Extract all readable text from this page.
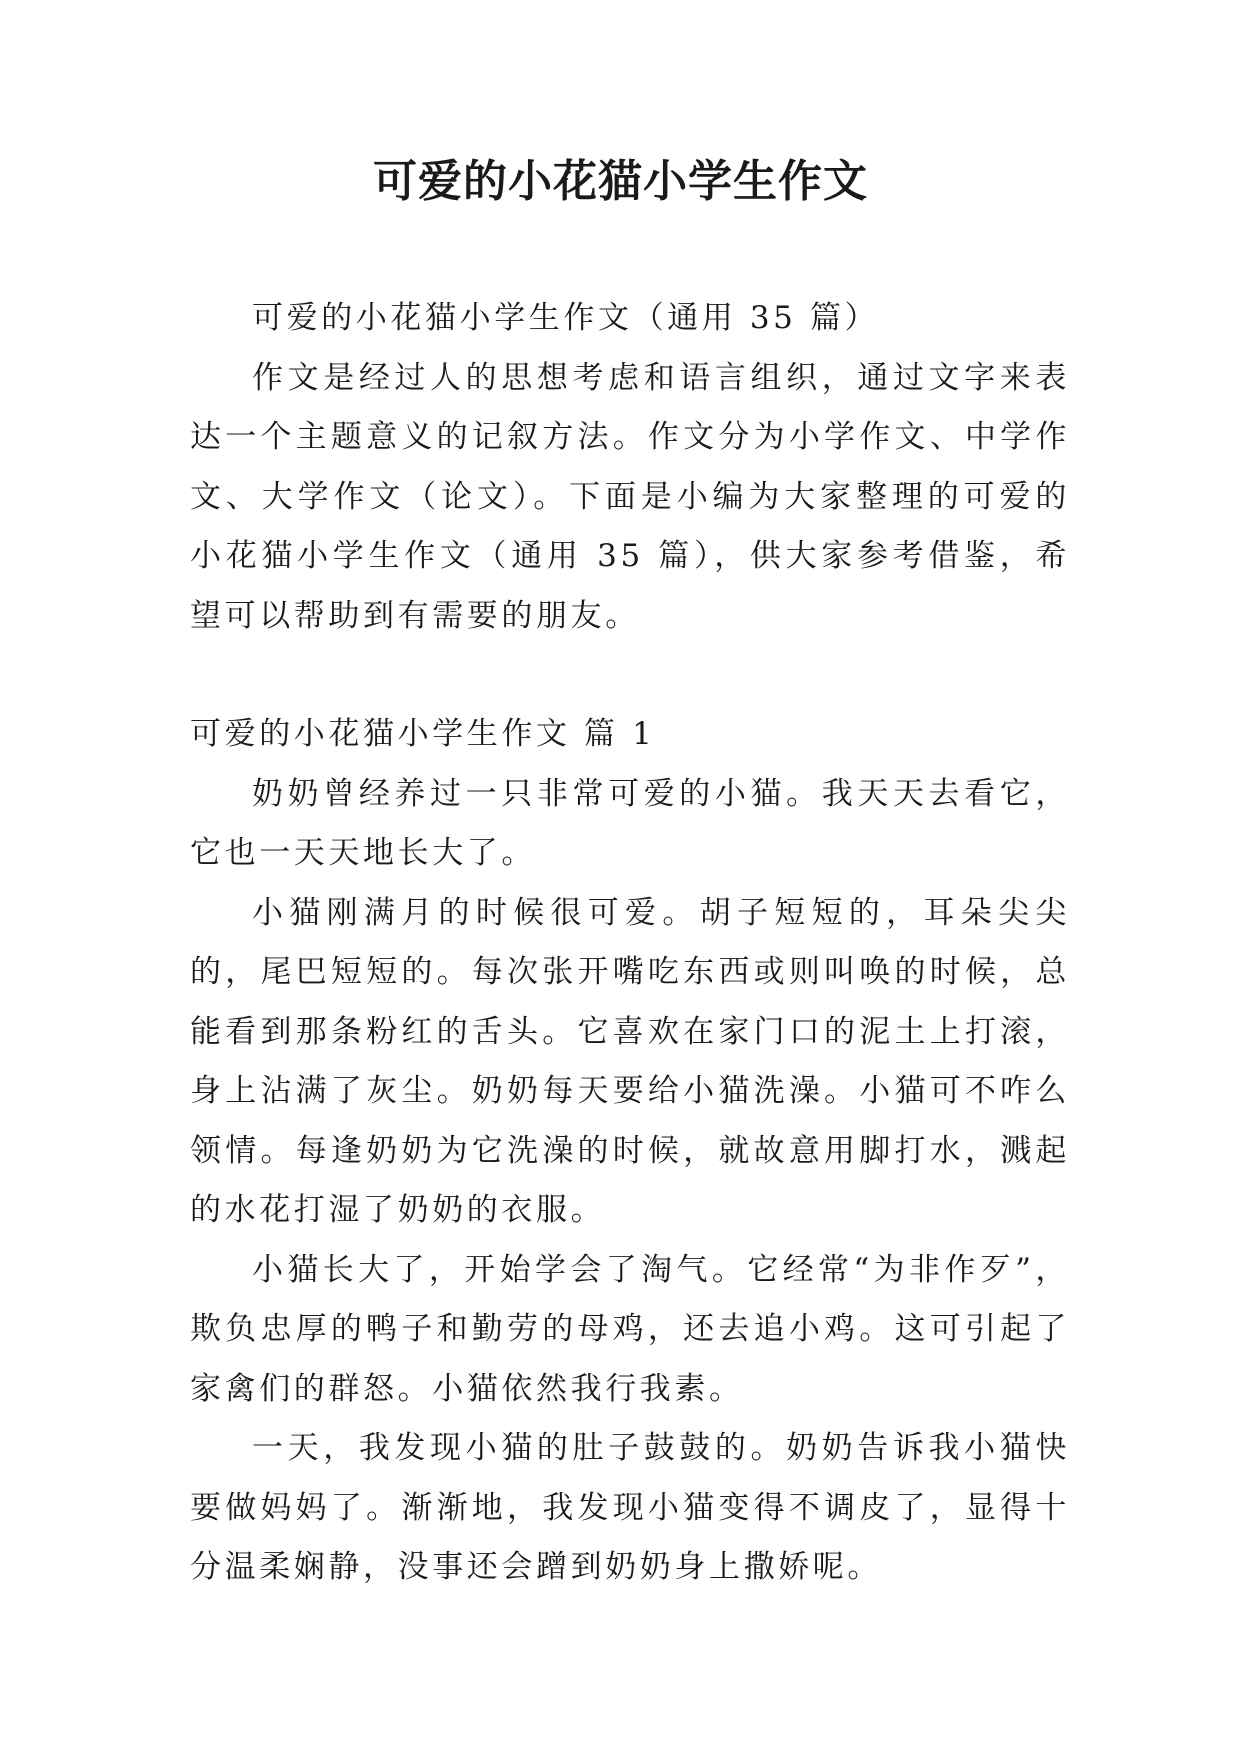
可爱的小花猫小学生作文

可爱的小花猫小学生作文（通用 35 篇）

作文是经过人的思想考虑和语言组织，通过文字来表达一个主题意义的记叙方法。作文分为小学作文、中学作文、大学作文（论文）。下面是小编为大家整理的可爱的小花猫小学生作文（通用 35 篇），供大家参考借鉴，希望可以帮助到有需要的朋友。

可爱的小花猫小学生作文 篇 1

奶奶曾经养过一只非常可爱的小猫。我天天去看它，它也一天天地长大了。

小猫刚满月的时候很可爱。胡子短短的，耳朵尖尖的，尾巴短短的。每次张开嘴吃东西或则叫唤的时候，总能看到那条粉红的舌头。它喜欢在家门口的泥土上打滚，身上沾满了灰尘。奶奶每天要给小猫洗澡。小猫可不咋么领情。每逢奶奶为它洗澡的时候，就故意用脚打水，溅起的水花打湿了奶奶的衣服。

小猫长大了，开始学会了淘气。它经常“为非作歹”，欺负忠厚的鸭子和勤劳的母鸡，还去追小鸡。这可引起了家禽们的群怒。小猫依然我行我素。

一天，我发现小猫的肚子鼓鼓的。奶奶告诉我小猫快要做妈妈了。渐渐地，我发现小猫变得不调皮了，显得十分温柔娴静，没事还会蹭到奶奶身上撒娇呢。
